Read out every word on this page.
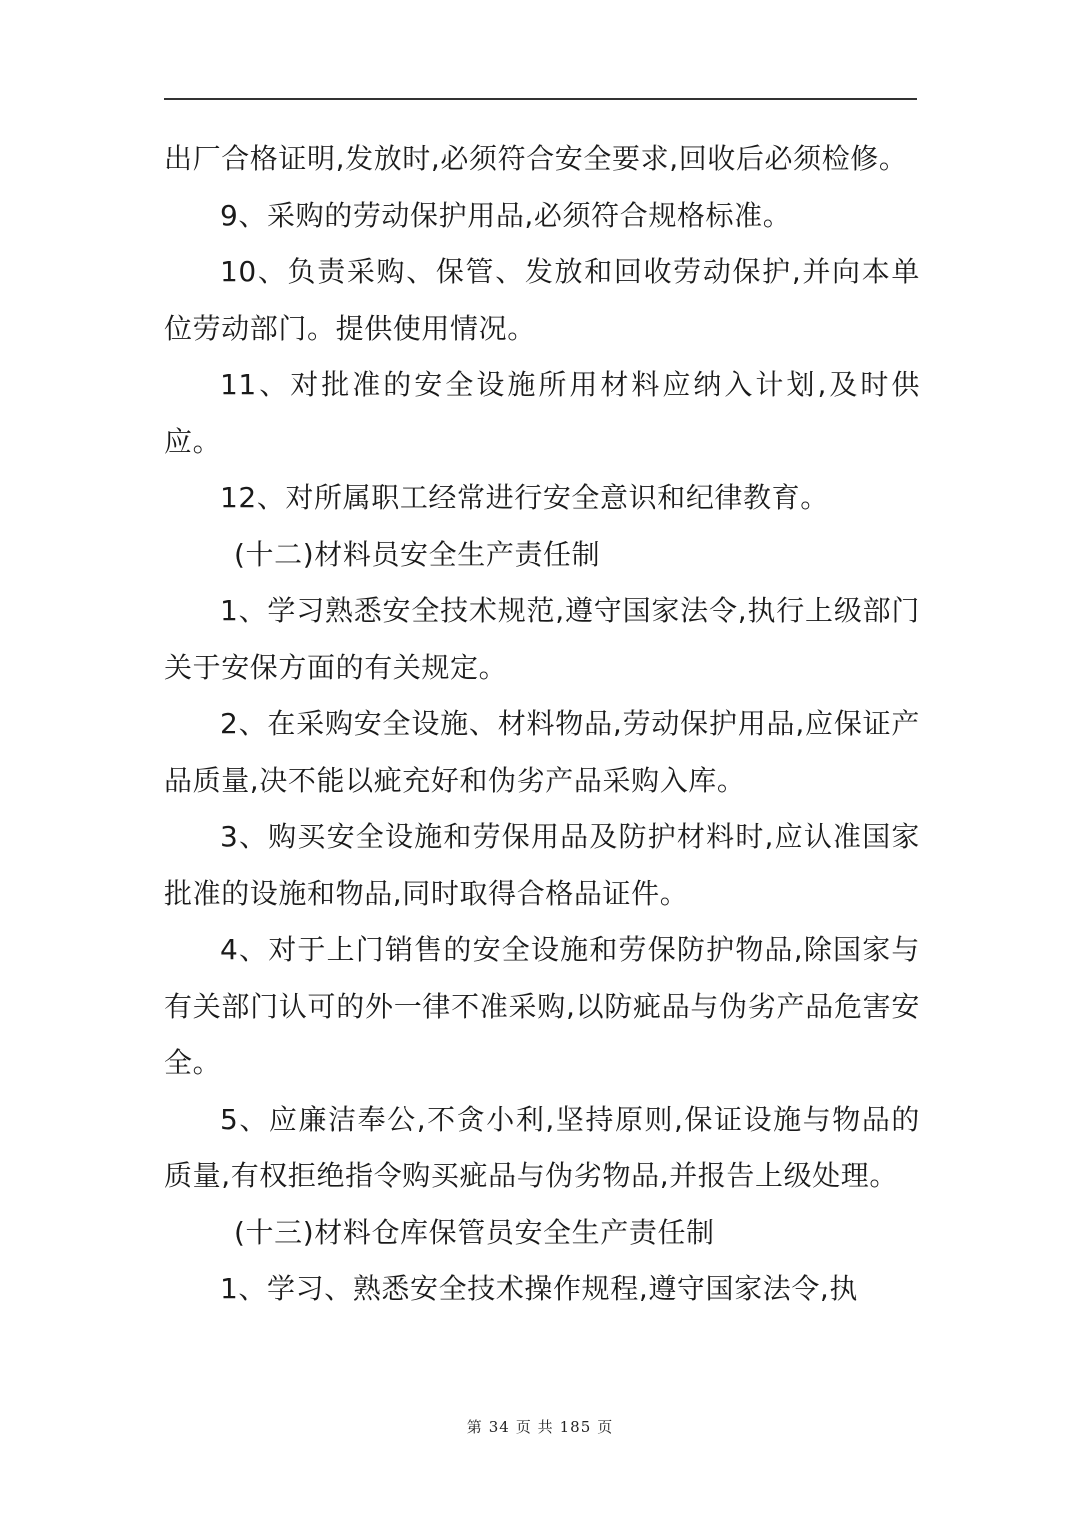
出厂合格证明,发放时,必须符合安全要求,回收后必须检修。

9、采购的劳动保护用品,必须符合规格标准。

10、负责采购、保管、发放和回收劳动保护,并向本单位劳动部门。提供使用情况。

11、对批准的安全设施所用材料应纳入计划,及时供应。

12、对所属职工经常进行安全意识和纪律教育。

(十二)材料员安全生产责任制

1、学习熟悉安全技术规范,遵守国家法令,执行上级部门关于安保方面的有关规定。

2、在采购安全设施、材料物品,劳动保护用品,应保证产品质量,决不能以疵充好和伪劣产品采购入库。

3、购买安全设施和劳保用品及防护材料时,应认准国家批准的设施和物品,同时取得合格品证件。

4、对于上门销售的安全设施和劳保防护物品,除国家与有关部门认可的外一律不准采购,以防疵品与伪劣产品危害安全。

5、应廉洁奉公,不贪小利,坚持原则,保证设施与物品的质量,有权拒绝指令购买疵品与伪劣物品,并报告上级处理。

(十三)材料仓库保管员安全生产责任制

1、学习、熟悉安全技术操作规程,遵守国家法令,执

第 34 页 共 185 页
